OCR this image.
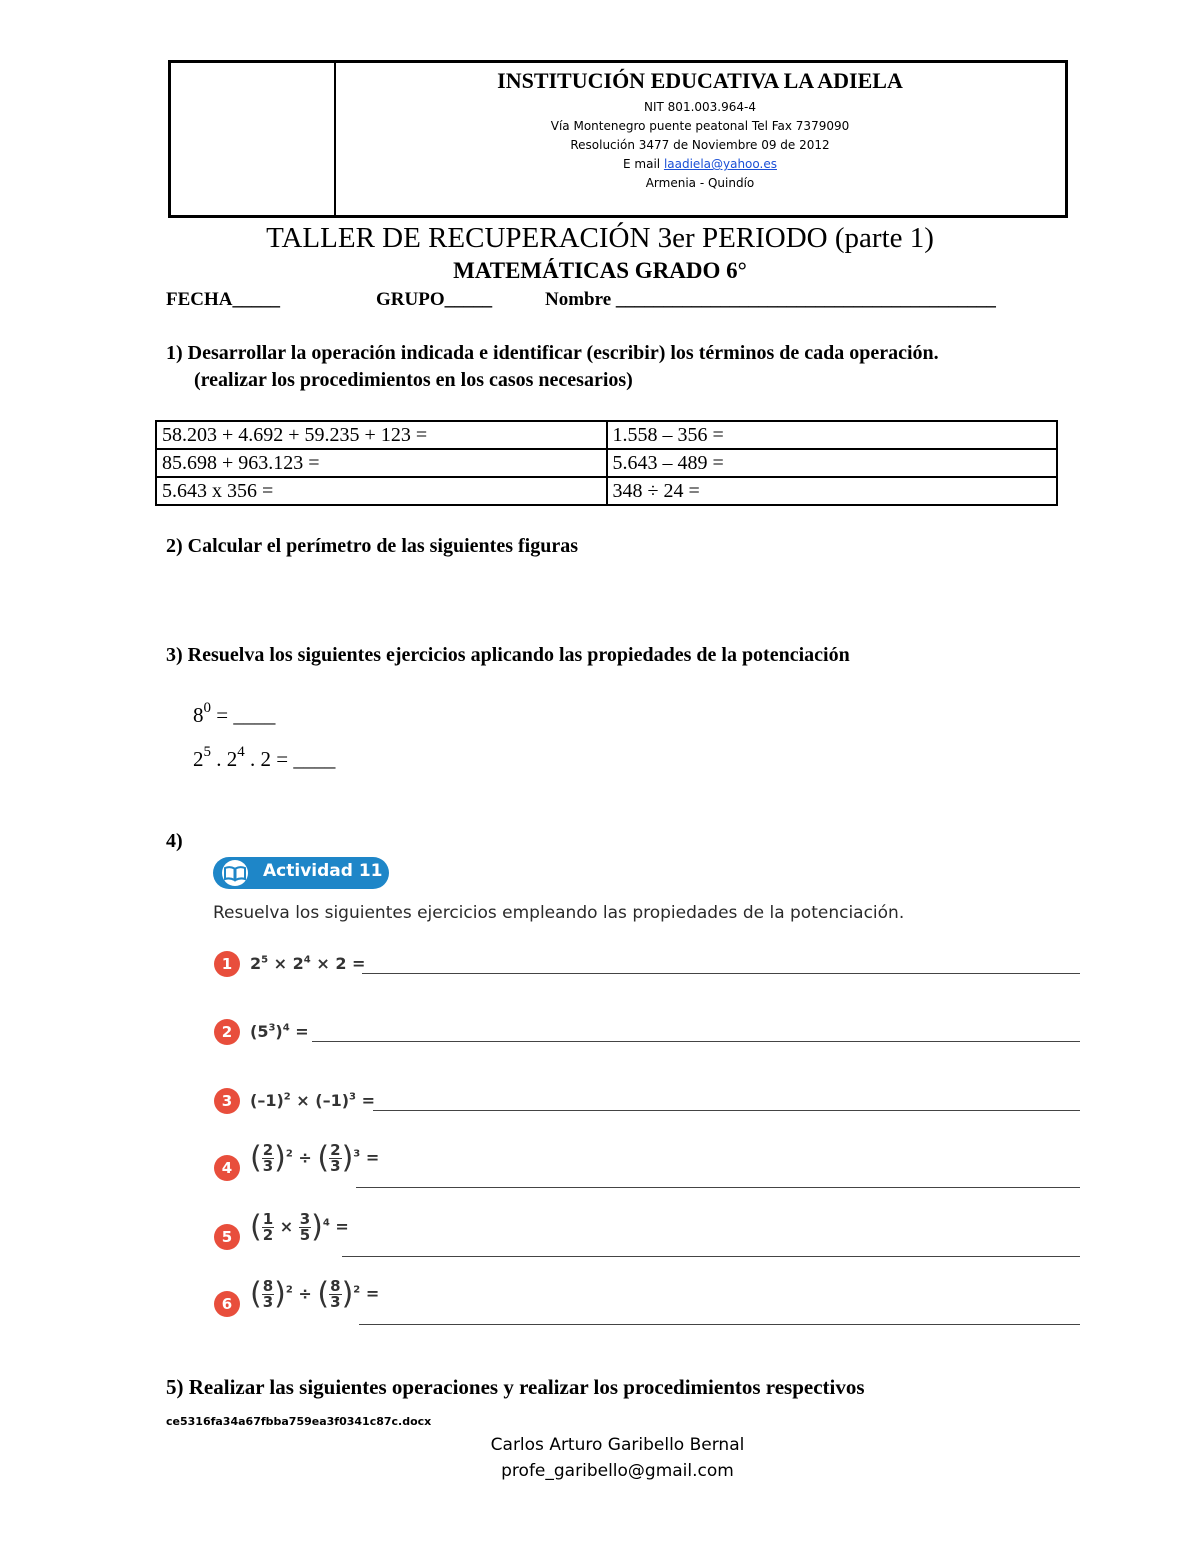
INSTITUCIÓN EDUCATIVA LA ADIELA
NIT 801.003.964-4
Vía Montenegro puente peatonal Tel Fax 7379090
Resolución 3477 de Noviembre 09 de 2012
E mail laadiela@yahoo.es
Armenia - Quindío
TALLER DE RECUPERACIÓN 3er PERIODO (parte 1)
MATEMÁTICAS GRADO 6°
FECHA_____	GRUPO_____	Nombre ________________________________________
1) Desarrollar la operación indicada e identificar (escribir) los términos de cada operación.
(realizar los procedimientos en los casos necesarios)
58.203 + 4.692 + 59.235 + 123 =	1.558 – 356 =
85.698 + 963.123 =	5.643 – 489 =
5.643 x 356 =	348 ÷ 24 =
2) Calcular el perímetro de las siguientes figuras
3) Resuelva los siguientes ejercicios aplicando las propiedades de la potenciación
$8^0$ = ____
$2^5$ . $2^4$ . 2 = ____
4)
Actividad 11
Resuelva los siguientes ejercicios empleando las propiedades de la potenciación.
1	$2^5 \times 2^4 \times 2$ =
2	$(5^3)^4$ =
3	$(-1)^2 \times (-1)^3$ =
4 ( $\frac{2}{3} )^2$ ÷ ( $\frac{2}{3} )^3$ =
5 ( $\frac{1}{2} \times \frac{3}{5} )^4$ =
6 ( $\frac{8}{3} )^2$ ÷ ( $\frac{8}{3} )^2$ =
5) Realizar las siguientes operaciones y realizar los procedimientos respectivos
ce5316fa34a67fbba759ea3f0341c87c.docx
Carlos Arturo Garibello Bernal
profe_garibello@gmail.com
